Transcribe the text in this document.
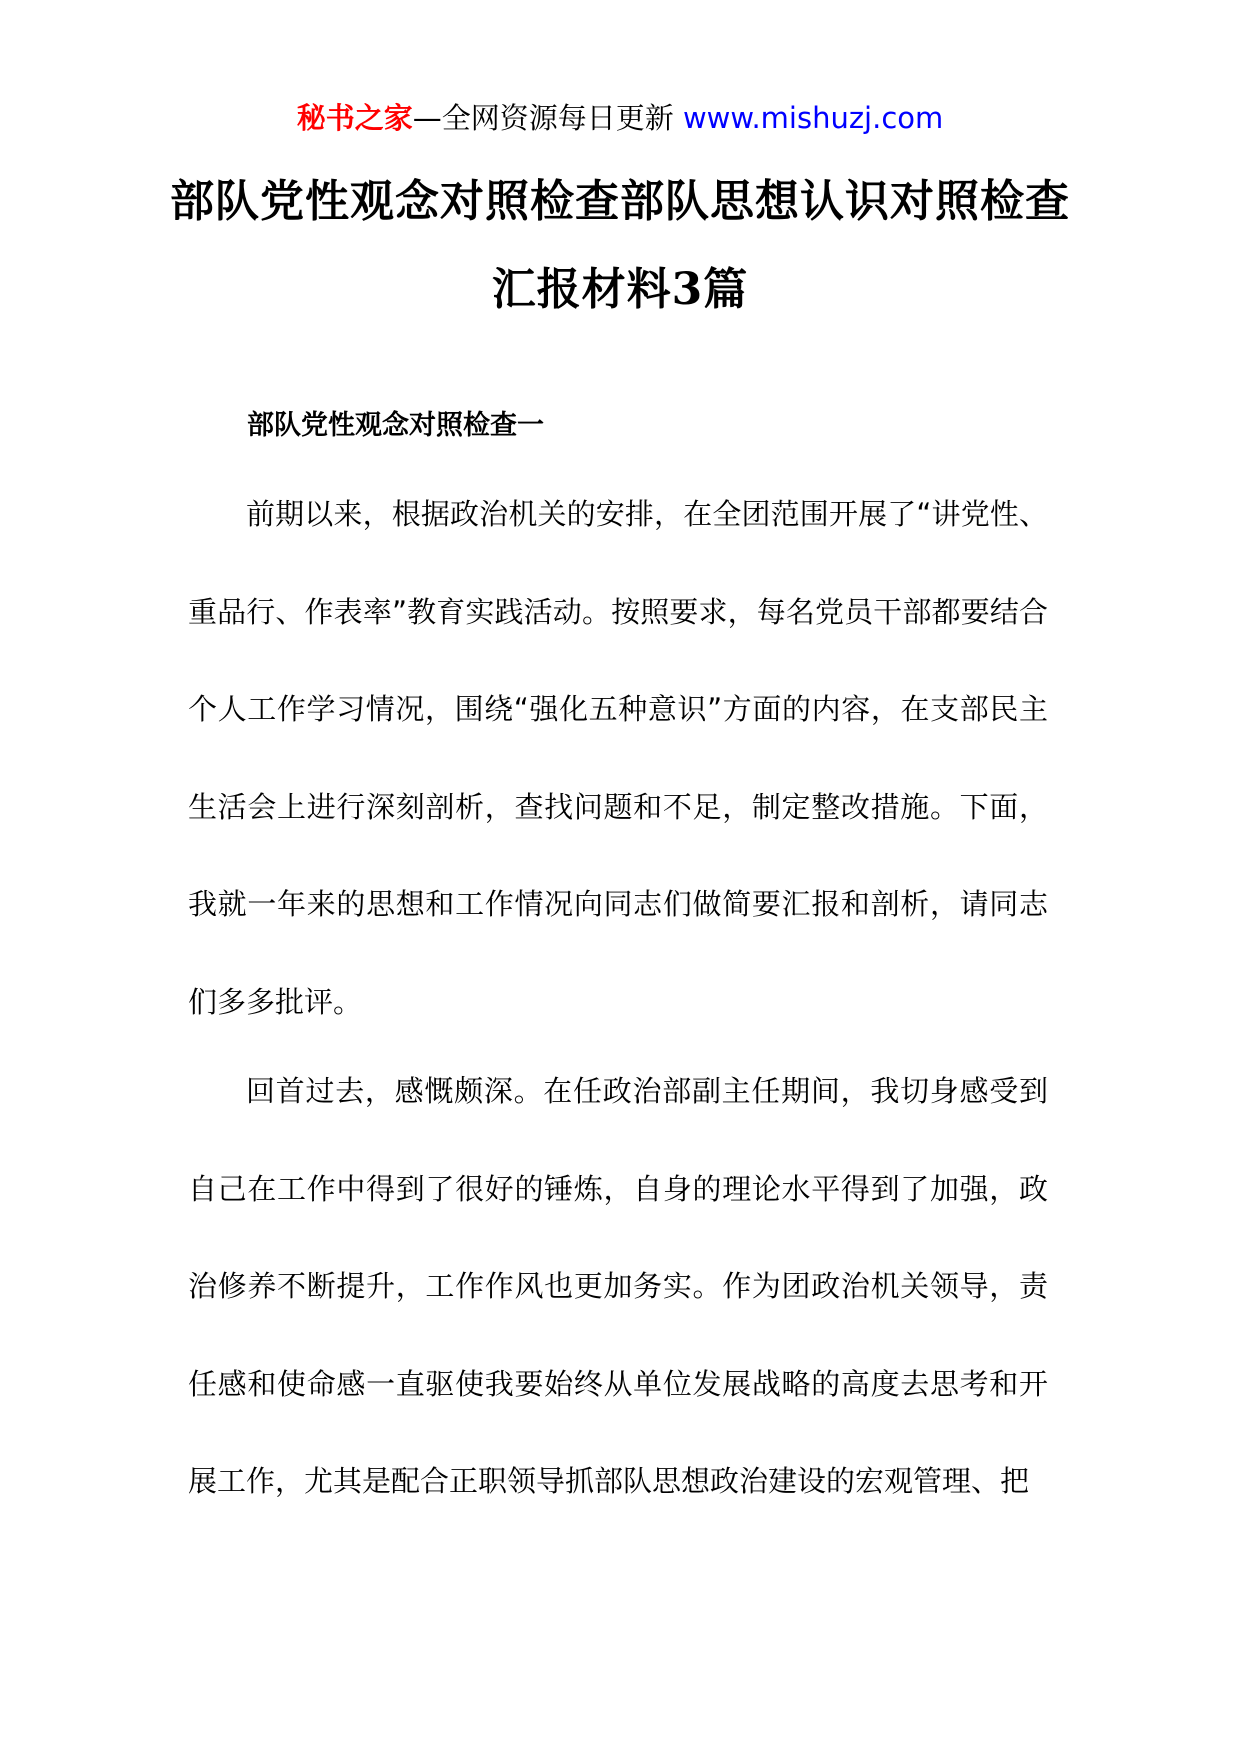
秘书之家—全网资源每日更新 www.mishuzj.com
部队党性观念对照检查部队思想认识对照检查汇报材料3篇
部队党性观念对照检查一

前期以来，根据政治机关的安排，在全团范围开展了“讲党性、重品行、作表率”教育实践活动。按照要求，每名党员干部都要结合个人工作学习情况，围绕“强化五种意识”方面的内容，在支部民主生活会上进行深刻剖析，查找问题和不足，制定整改措施。下面，我就一年来的思想和工作情况向同志们做简要汇报和剖析，请同志们多多批评。

回首过去，感慨颇深。在任政治部副主任期间，我切身感受到自己在工作中得到了很好的锤炼，自身的理论水平得到了加强，政治修养不断提升，工作作风也更加务实。作为团政治机关领导，责任感和使命感一直驱使我要始终从单位发展战略的高度去思考和开展工作，尤其是配合正职领导抓部队思想政治建设的宏观管理、把
